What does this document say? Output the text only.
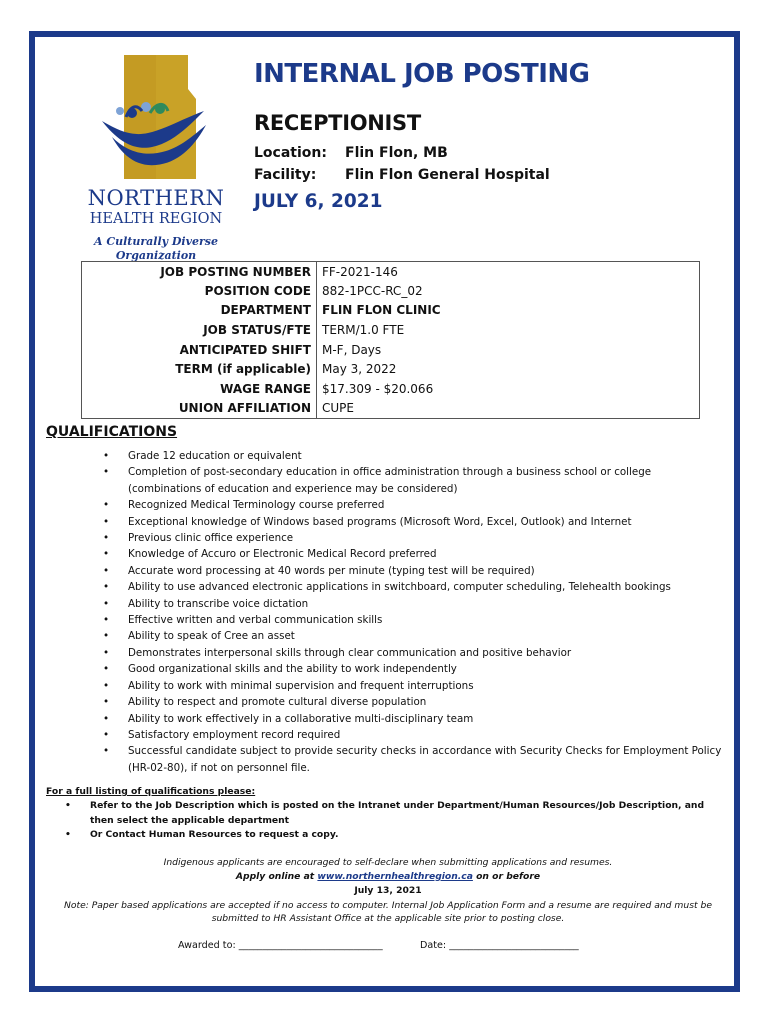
NORTHERN
HEALTH REGION
A Culturally Diverse
Organization
INTERNAL JOB POSTING
RECEPTIONIST
Location: Flin Flon, MB
Facility: Flin Flon General Hospital
JULY 6, 2021
JOB POSTING NUMBER	FF-2021-146
POSITION CODE	882-1PCC-RC_02
DEPARTMENT	FLIN FLON CLINIC
JOB STATUS/FTE	TERM/1.0 FTE
ANTICIPATED SHIFT	M-F, Days
TERM (if applicable)	May 3, 2022
WAGE RANGE	$17.309 - $20.066
UNION AFFILIATION	CUPE
QUALIFICATIONS
• Grade 12 education or equivalent
• Completion of post-secondary education in office administration through a business school or college (combinations of education and experience may be considered)
• Recognized Medical Terminology course preferred
• Exceptional knowledge of Windows based programs (Microsoft Word, Excel, Outlook) and Internet
• Previous clinic office experience
• Knowledge of Accuro or Electronic Medical Record preferred
• Accurate word processing at 40 words per minute (typing test will be required)
• Ability to use advanced electronic applications in switchboard, computer scheduling, Telehealth bookings
• Ability to transcribe voice dictation
• Effective written and verbal communication skills
• Ability to speak of Cree an asset
• Demonstrates interpersonal skills through clear communication and positive behavior
• Good organizational skills and the ability to work independently
• Ability to work with minimal supervision and frequent interruptions
• Ability to respect and promote cultural diverse population
• Ability to work effectively in a collaborative multi-disciplinary team
• Satisfactory employment record required
• Successful candidate subject to provide security checks in accordance with Security Checks for Employment Policy (HR-02-80), if not on personnel file.
For a full listing of qualifications please:
• Refer to the Job Description which is posted on the Intranet under Department/Human Resources/Job Description, and then select the applicable department
• Or Contact Human Resources to request a copy.
Indigenous applicants are encouraged to self-declare when submitting applications and resumes.
Apply online at www.northernhealthregion.ca on or before
July 13, 2021
Note: Paper based applications are accepted if no access to computer. Internal Job Application Form and a resume are required and must be submitted to HR Assistant Office at the applicable site prior to posting close.
Awarded to: ______________________________	Date: ___________________________
